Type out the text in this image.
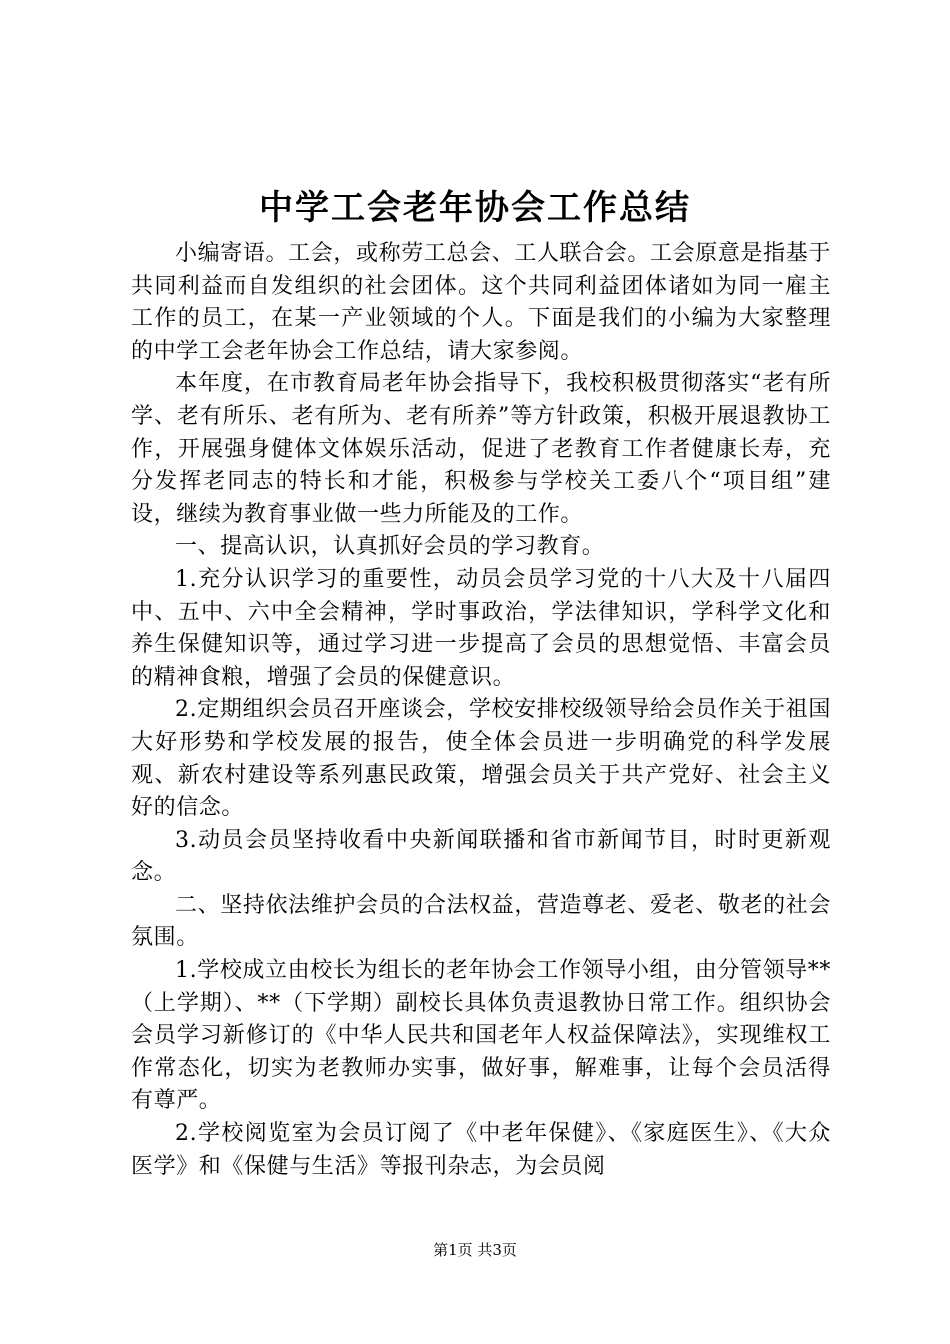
中学工会老年协会工作总结

小编寄语。工会，或称劳工总会、工人联合会。工会原意是指基于共同利益而自发组织的社会团体。这个共同利益团体诸如为同一雇主工作的员工，在某一产业领域的个人。下面是我们的小编为大家整理的中学工会老年协会工作总结，请大家参阅。

本年度，在市教育局老年协会指导下，我校积极贯彻落实“老有所学、老有所乐、老有所为、老有所养”等方针政策，积极开展退教协工作，开展强身健体文体娱乐活动，促进了老教育工作者健康长寿，充分发挥老同志的特长和才能，积极参与学校关工委八个“项目组”建设，继续为教育事业做一些力所能及的工作。

一、提高认识，认真抓好会员的学习教育。

1.充分认识学习的重要性，动员会员学习党的十八大及十八届四中、五中、六中全会精神，学时事政治，学法律知识，学科学文化和养生保健知识等，通过学习进一步提高了会员的思想觉悟、丰富会员的精神食粮，增强了会员的保健意识。

2.定期组织会员召开座谈会，学校安排校级领导给会员作关于祖国大好形势和学校发展的报告，使全体会员进一步明确党的科学发展观、新农村建设等系列惠民政策，增强会员关于共产党好、社会主义好的信念。

3.动员会员坚持收看中央新闻联播和省市新闻节目，时时更新观念。

二、坚持依法维护会员的合法权益，营造尊老、爱老、敬老的社会氛围。

1.学校成立由校长为组长的老年协会工作领导小组，由分管领导**（上学期）、**（下学期）副校长具体负责退教协日常工作。组织协会会员学习新修订的《中华人民共和国老年人权益保障法》，实现维权工作常态化，切实为老教师办实事，做好事，解难事，让每个会员活得有尊严。

2.学校阅览室为会员订阅了《中老年保健》、《家庭医生》、《大众医学》和《保健与生活》等报刊杂志，为会员阅

第1页 共3页
